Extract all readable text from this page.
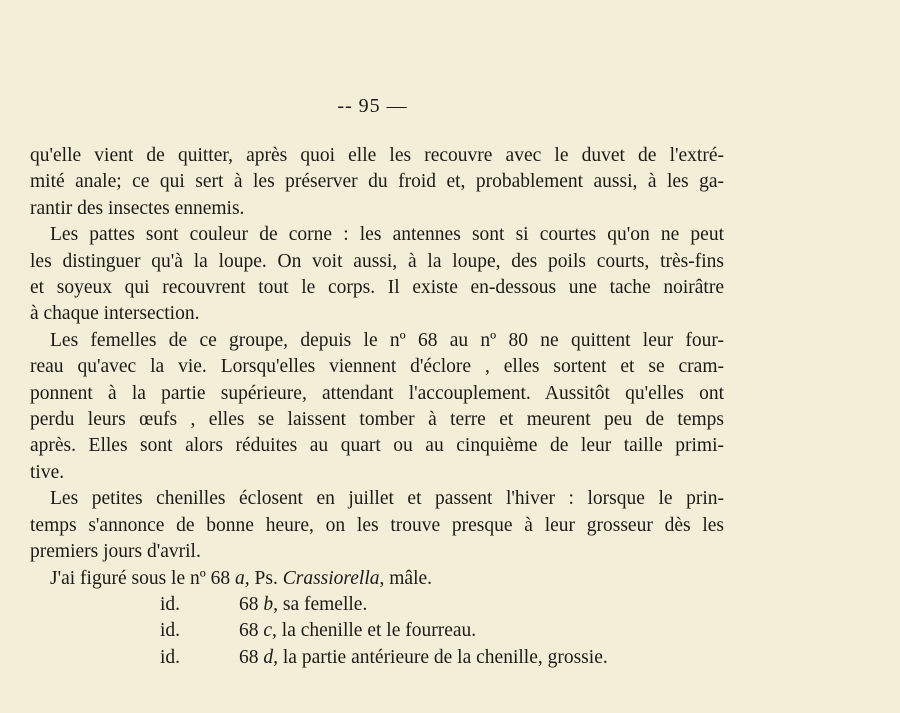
-- 95 —
qu'elle vient de quitter, après quoi elle les recouvre avec le duvet de l'extré-
mité anale; ce qui sert à les préserver du froid et, probablement aussi, à les ga-
rantir des insectes ennemis.
Les pattes sont couleur de corne : les antennes sont si courtes qu'on ne peut
les distinguer qu'à la loupe. On voit aussi, à la loupe, des poils courts, très-fins
et soyeux qui recouvrent tout le corps. Il existe en-dessous une tache noirâtre
à chaque intersection.
Les femelles de ce groupe, depuis le nº 68 au nº 80 ne quittent leur four-
reau qu'avec la vie. Lorsqu'elles viennent d'éclore , elles sortent et se cram-
ponnent à la partie supérieure, attendant l'accouplement. Aussitôt qu'elles ont
perdu leurs œufs , elles se laissent tomber à terre et meurent peu de temps
après. Elles sont alors réduites au quart ou au cinquième de leur taille primi-
tive.
Les petites chenilles éclosent en juillet et passent l'hiver : lorsque le prin-
temps s'annonce de bonne heure, on les trouve presque à leur grosseur dès les
premiers jours d'avril.
J'ai figuré sous le nº 68 a, Ps. Crassiorella, mâle.
id.	68 b, sa femelle.
id.	68 c, la chenille et le fourreau.
id.	68 d, la partie antérieure de la chenille, grossie.
